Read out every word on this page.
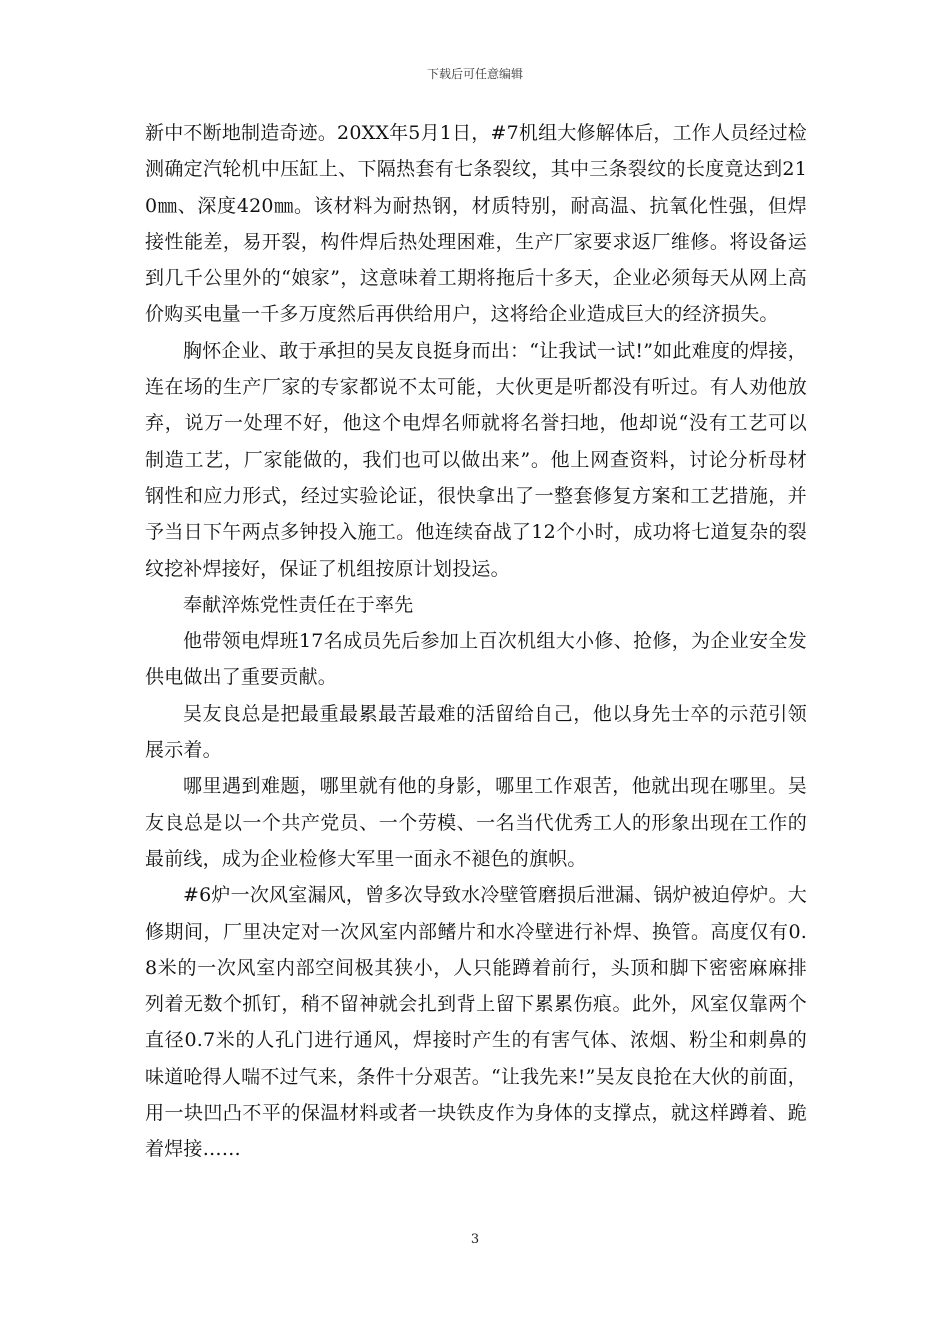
下载后可任意编辑

新中不断地制造奇迹。20XX年5月1日，#7机组大修解体后，工作人员经过检测确定汽轮机中压缸上、下隔热套有七条裂纹，其中三条裂纹的长度竟达到210㎜、深度420㎜。该材料为耐热钢，材质特别，耐高温、抗氧化性强，但焊接性能差，易开裂，构件焊后热处理困难，生产厂家要求返厂维修。将设备运到几千公里外的“娘家”，这意味着工期将拖后十多天，企业必须每天从网上高价购买电量一千多万度然后再供给用户，这将给企业造成巨大的经济损失。

胸怀企业、敢于承担的吴友良挺身而出：“让我试一试!”如此难度的焊接，连在场的生产厂家的专家都说不太可能，大伙更是听都没有听过。有人劝他放弃，说万一处理不好，他这个电焊名师就将名誉扫地，他却说“没有工艺可以制造工艺，厂家能做的，我们也可以做出来”。他上网查资料，讨论分析母材钢性和应力形式，经过实验论证，很快拿出了一整套修复方案和工艺措施，并予当日下午两点多钟投入施工。他连续奋战了12个小时，成功将七道复杂的裂纹挖补焊接好，保证了机组按原计划投运。

奉献淬炼党性责任在于率先

他带领电焊班17名成员先后参加上百次机组大小修、抢修，为企业安全发供电做出了重要贡献。

吴友良总是把最重最累最苦最难的活留给自己，他以身先士卒的示范引领展示着。

哪里遇到难题，哪里就有他的身影，哪里工作艰苦，他就出现在哪里。吴友良总是以一个共产党员、一个劳模、一名当代优秀工人的形象出现在工作的最前线，成为企业检修大军里一面永不褪色的旗帜。

#6炉一次风室漏风，曾多次导致水冷壁管磨损后泄漏、锅炉被迫停炉。大修期间，厂里决定对一次风室内部鳍片和水冷壁进行补焊、换管。高度仅有0.8米的一次风室内部空间极其狭小，人只能蹲着前行，头顶和脚下密密麻麻排列着无数个抓钉，稍不留神就会扎到背上留下累累伤痕。此外，风室仅靠两个直径0.7米的人孔门进行通风，焊接时产生的有害气体、浓烟、粉尘和刺鼻的味道呛得人喘不过气来，条件十分艰苦。“让我先来!”吴友良抢在大伙的前面，用一块凹凸不平的保温材料或者一块铁皮作为身体的支撑点，就这样蹲着、跪着焊接……

3
